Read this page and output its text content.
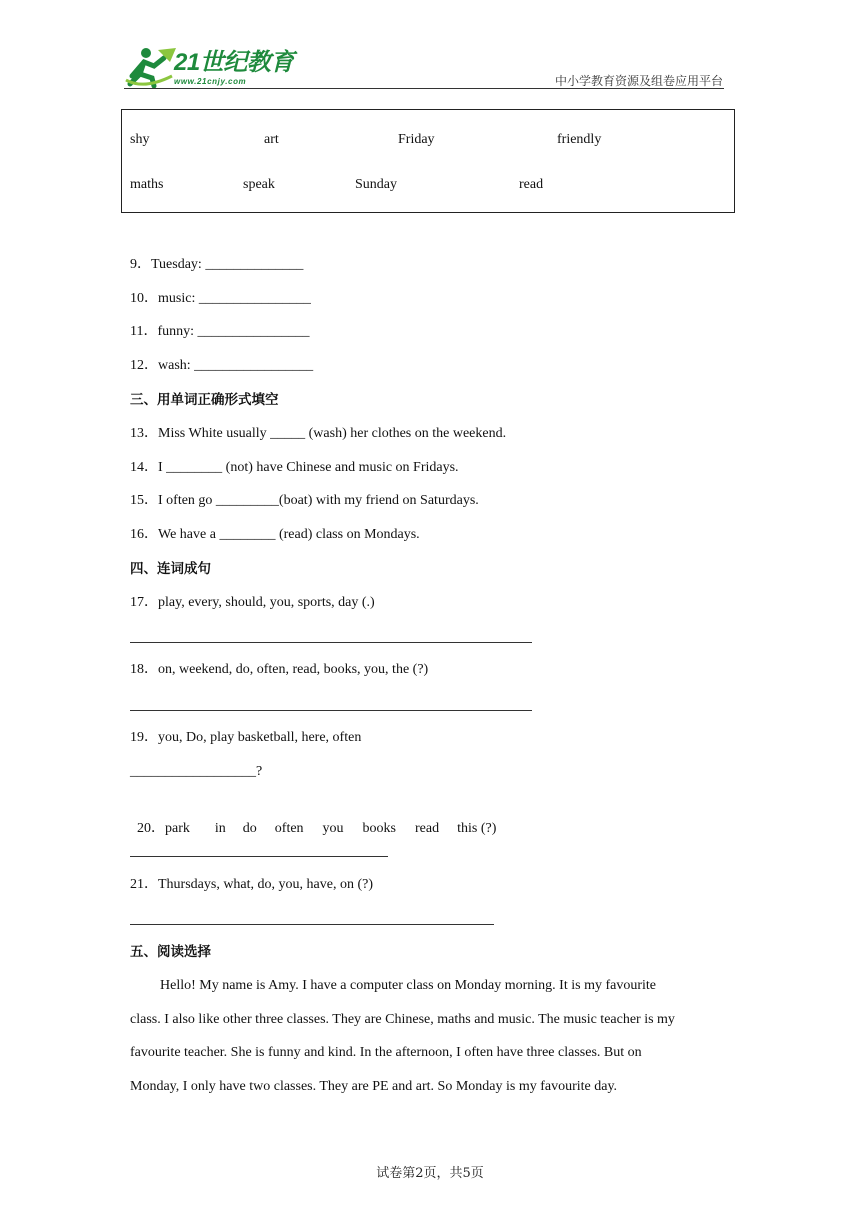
21世纪教育
www.21cnjy.com	中小学教育资源及组卷应用平台
shy	art	Friday	friendly
maths	speak	Sunday	read
9．Tuesday: ______________
10．music: ________________
11．funny: ________________
12．wash: _________________
三、用单词正确形式填空
13．Miss White usually _____ (wash) her clothes on the weekend.
14．I ________ (not) have Chinese and music on Fridays.
15．I often go _________(boat) with my friend on Saturdays.
16．We have a ________ (read) class on Mondays.
四、连词成句
17．play, every, should, you, sports, day (.)
18．on, weekend, do, often, read, books, you, the (?)
19．you, Do, play basketball, here, often
__________________?

20．park in do often you books read this (?)

21．Thursdays, what, do, you, have, on (?)
五、阅读选择
Hello! My name is Amy. I have a computer class on Monday morning. It is my favourite
class. I also like other three classes. They are Chinese, maths and music. The music teacher is my
favourite teacher. She is funny and kind. In the afternoon, I often have three classes. But on
Monday, I only have two classes. They are PE and art. So Monday is my favourite day.
试卷第2页，共5页
